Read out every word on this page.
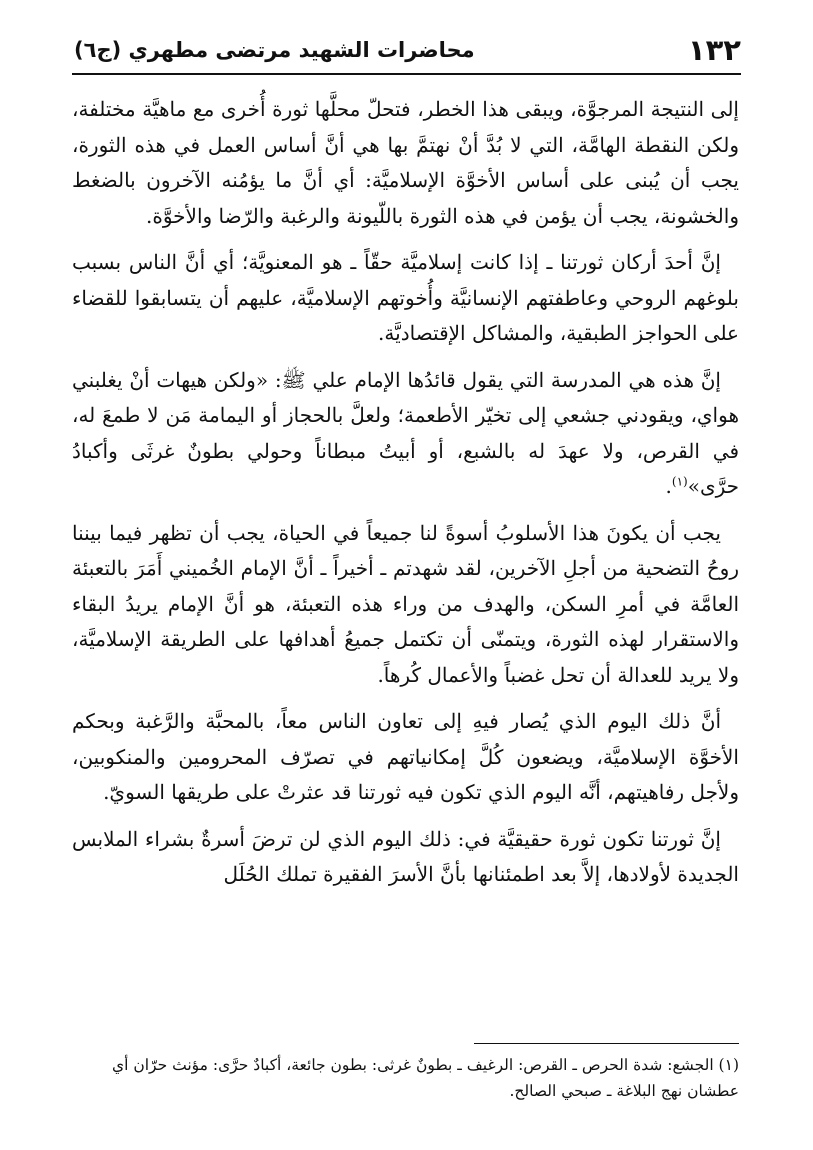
١٣٢
محاضرات الشهيد مرتضى مطهري (ج٦)

إلى النتيجة المرجوَّة، ويبقى هذا الخطر، فتحلّ محلَّها ثورة أُخرى مع ماهيَّة مختلفة، ولكن النقطة الهامَّة، التي لا بُدَّ أنْ نهتمَّ بها هي أنَّ أساس العمل في هذه الثورة، يجب أن يُبنى على أساس الأخوَّة الإسلاميَّة: أي أنَّ ما يؤمُنه الآخرون بالضغط والخشونة، يجب أن يؤمن في هذه الثورة باللّيونة والرغبة والرّضا والأخوَّة.

إنَّ أحدَ أركان ثورتنا ـ إذا كانت إسلاميَّة حقّاً ـ هو المعنويَّة؛ أي أنَّ الناس بسبب بلوغهم الروحي وعاطفتهم الإنسانيَّة وأُخوتهم الإسلاميَّة، عليهم أن يتسابقوا للقضاء على الحواجز الطبقية، والمشاكل الإقتصاديَّة.

إنَّ هذه هي المدرسة التي يقول قائدُها الإمام علي ﷺ: «ولكن هيهات أنْ يغلبني هواي، ويقودني جشعي إلى تخيّر الأطعمة؛ ولعلَّ بالحجاز أو اليمامة مَن لا طمعَ له، في القرص، ولا عهدَ له بالشبع، أو أبيتُ مبطاناً وحولي بطونٌ غرثَى وأكبادُ حرَّى»$^{(١)}$.

يجب أن يكونَ هذا الأسلوبُ أسوةً لنا جميعاً في الحياة، يجب أن تظهر فيما بيننا روحُ التضحية من أجلِ الآخرين، لقد شهدتم ـ أخيراً ـ أنَّ الإمام الخُميني أَمَرَ بالتعبئة العامَّة في أمرِ السكن، والهدف من وراء هذه التعبئة، هو أنَّ الإمام يريدُ البقاء والاستقرار لهذه الثورة، ويتمنّى أن تكتمل جميعُ أهدافها على الطريقة الإسلاميَّة، ولا يريد للعدالة أن تحل غضباً والأعمال كُرهاً.

أنَّ ذلك اليوم الذي يُصار فيهِ إلى تعاون الناس معاً، بالمحبَّة والرَّغبة وبحكم الأخوَّة الإسلاميَّة، ويضعون كُلَّ إمكانياتهم في تصرّف المحرومين والمنكوبين، ولأجل رفاهيتهم، أنَّه اليوم الذي تكون فيه ثورتنا قد عثرتْ على طريقها السويّ.

إنَّ ثورتنا تكون ثورة حقيقيَّة في: ذلك اليوم الذي لن ترضَ أسرةٌ بشراء الملابس الجديدة لأولادها، إلاَّ بعد اطمئنانها بأنَّ الأسرَ الفقيرة تملك الحُلَل

(١) الجشع: شدة الحرص ـ القرص: الرغيف ـ بطونٌ غرثى: بطون جائعة، أكبادٌ حرَّى: مؤنث حرّان أي عطشان نهج البلاغة ـ صبحي الصالح.
